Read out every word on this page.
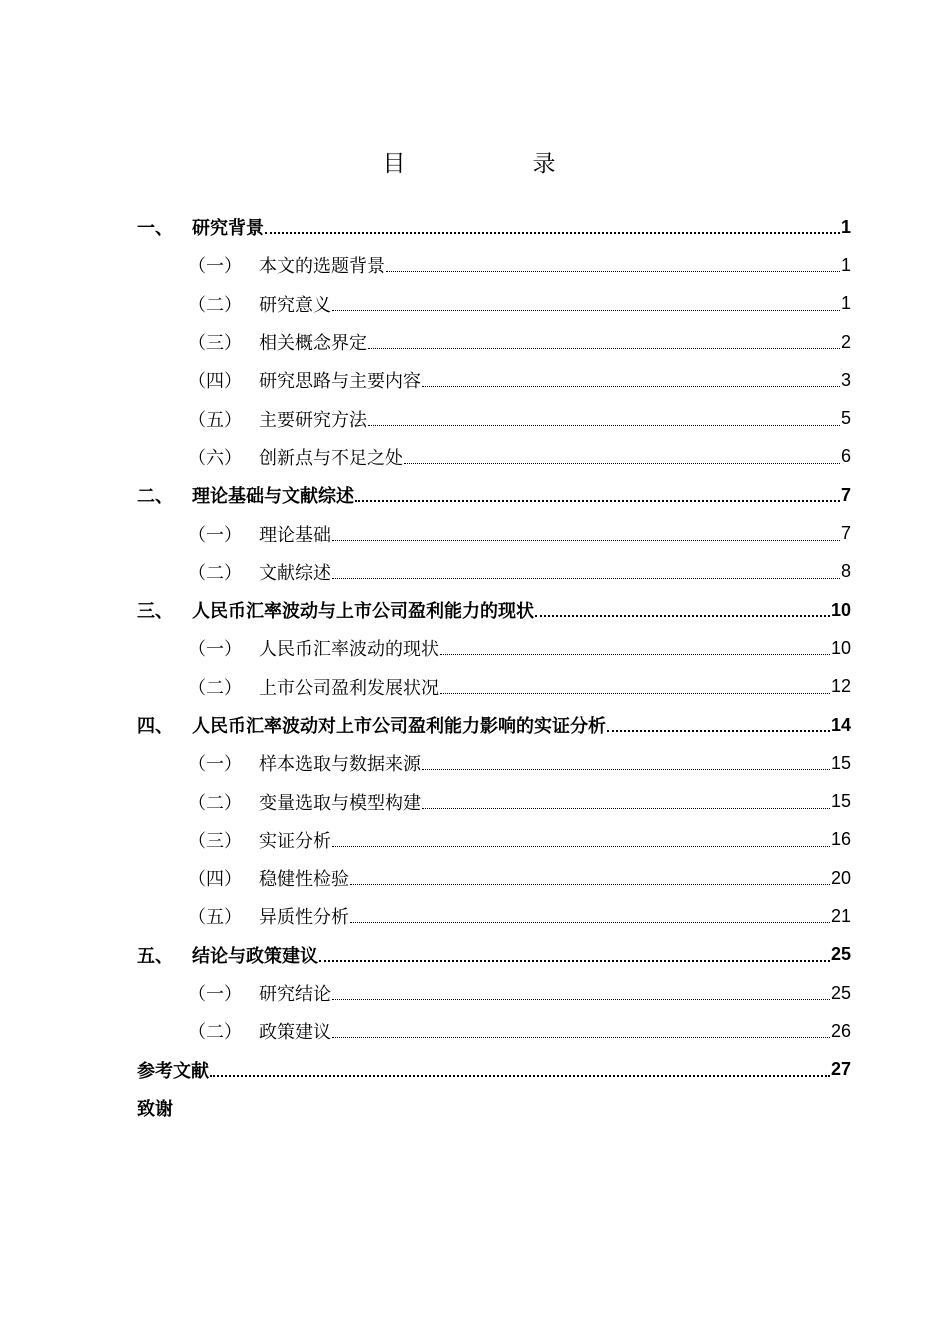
目　录
一、	研究背景	1
（一） 本文的选题背景	1
（二） 研究意义	1
（三） 相关概念界定	2
（四） 研究思路与主要内容	3
（五） 主要研究方法	5
（六） 创新点与不足之处	6
二、	理论基础与文献综述	7
（一） 理论基础	7
（二） 文献综述	8
三、	人民币汇率波动与上市公司盈利能力的现状	10
（一） 人民币汇率波动的现状	10
（二） 上市公司盈利发展状况	12
四、	人民币汇率波动对上市公司盈利能力影响的实证分析	14
（一） 样本选取与数据来源	15
（二） 变量选取与模型构建	15
（三） 实证分析	16
（四） 稳健性检验	20
（五） 异质性分析	21
五、	结论与政策建议	25
（一） 研究结论	25
（二） 政策建议	26
参考文献	27
致谢
